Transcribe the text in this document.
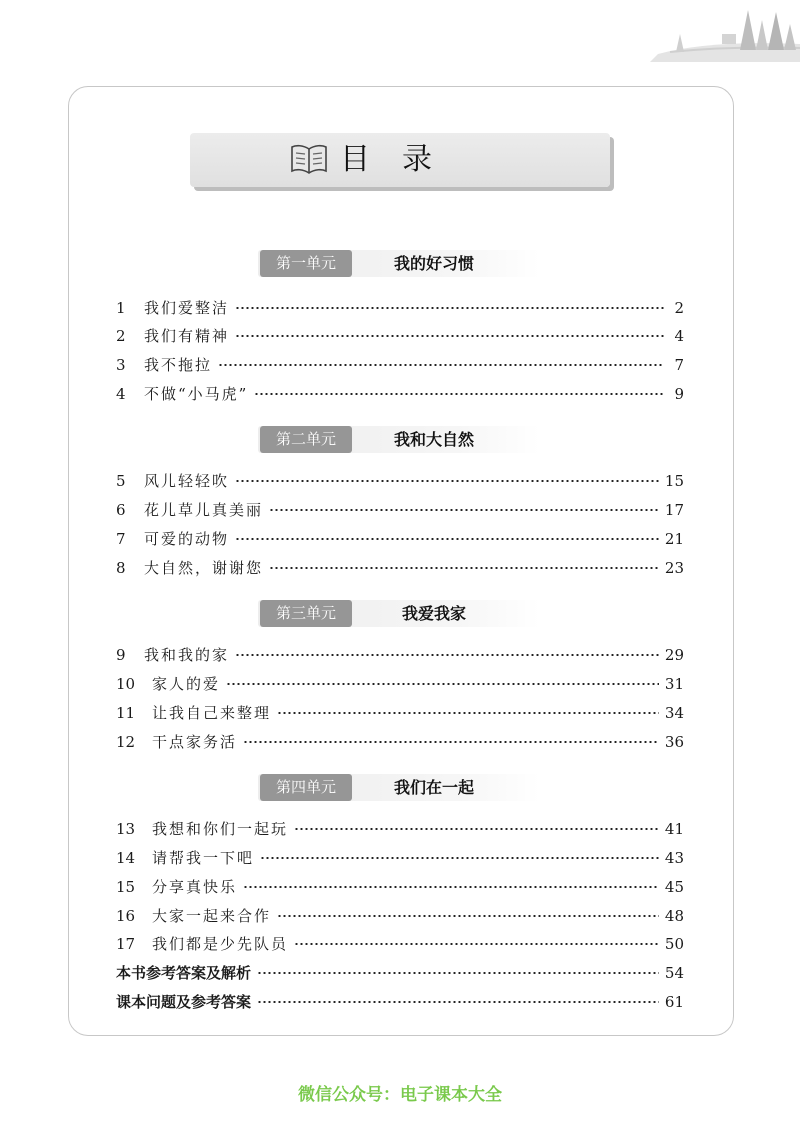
目录
第一单元	我的好习惯
1	我们爱整洁	2
2	我们有精神	4
3	我不拖拉	7
4	不做“小马虎”	9
第二单元	我和大自然
5	风儿轻轻吹	15
6	花儿草儿真美丽	17
7	可爱的动物	21
8	大自然，谢谢您	23
第三单元	我爱我家
9	我和我的家	29
10	家人的爱	31
11	让我自己来整理	34
12	干点家务活	36
第四单元	我们在一起
13	我想和你们一起玩	41
14	请帮我一下吧	43
15	分享真快乐	45
16	大家一起来合作	48
17	我们都是少先队员	50
本书参考答案及解析	54
课本问题及参考答案	61
微信公众号：电子课本大全
